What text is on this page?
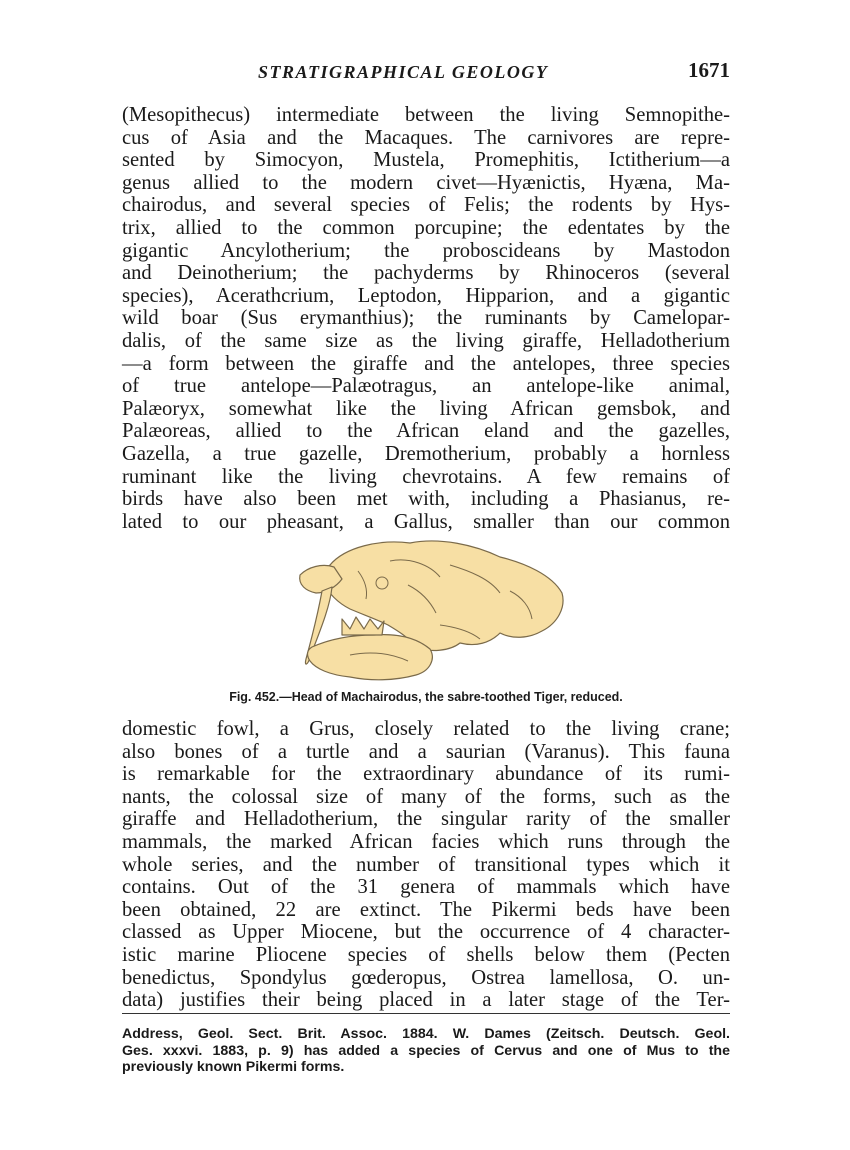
STRATIGRAPHICAL GEOLOGY	1671
(Mesopithecus) intermediate between the living Semnopithe-
cus of Asia and the Macaques. The carnivores are repre-
sented by Simocyon, Mustela, Promephitis, Ictitherium—a
genus allied to the modern civet—Hyænictis, Hyæna, Ma-
chairodus, and several species of Felis; the rodents by Hys-
trix, allied to the common porcupine; the edentates by the
gigantic Ancylotherium; the proboscideans by Mastodon
and Deinotherium; the pachyderms by Rhinoceros (several
species), Acerathcrium, Leptodon, Hipparion, and a gigantic
wild boar (Sus erymanthius); the ruminants by Camelopar-
dalis, of the same size as the living giraffe, Helladotherium
—a form between the giraffe and the antelopes, three species
of true antelope—Palæotragus, an antelope-like animal,
Palæoryx, somewhat like the living African gemsbok, and
Palæoreas, allied to the African eland and the gazelles,
Gazella, a true gazelle, Dremotherium, probably a hornless
ruminant like the living chevrotains. A few remains of
birds have also been met with, including a Phasianus, re-
lated to our pheasant, a Gallus, smaller than our common
Fig. 452.—Head of Machairodus, the sabre-toothed Tiger, reduced.
domestic fowl, a Grus, closely related to the living crane;
also bones of a turtle and a saurian (Varanus). This fauna
is remarkable for the extraordinary abundance of its rumi-
nants, the colossal size of many of the forms, such as the
giraffe and Helladotherium, the singular rarity of the smaller
mammals, the marked African facies which runs through the
whole series, and the number of transitional types which it
contains. Out of the 31 genera of mammals which have
been obtained, 22 are extinct. The Pikermi beds have been
classed as Upper Miocene, but the occurrence of 4 character-
istic marine Pliocene species of shells below them (Pecten
benedictus, Spondylus gœderopus, Ostrea lamellosa, O. un-
data) justifies their being placed in a later stage of the Ter-
Address, Geol. Sect. Brit. Assoc. 1884. W. Dames (Zeitsch. Deutsch. Geol.
Ges. xxxvi. 1883, p. 9) has added a species of Cervus and one of Mus to the
previously known Pikermi forms.
